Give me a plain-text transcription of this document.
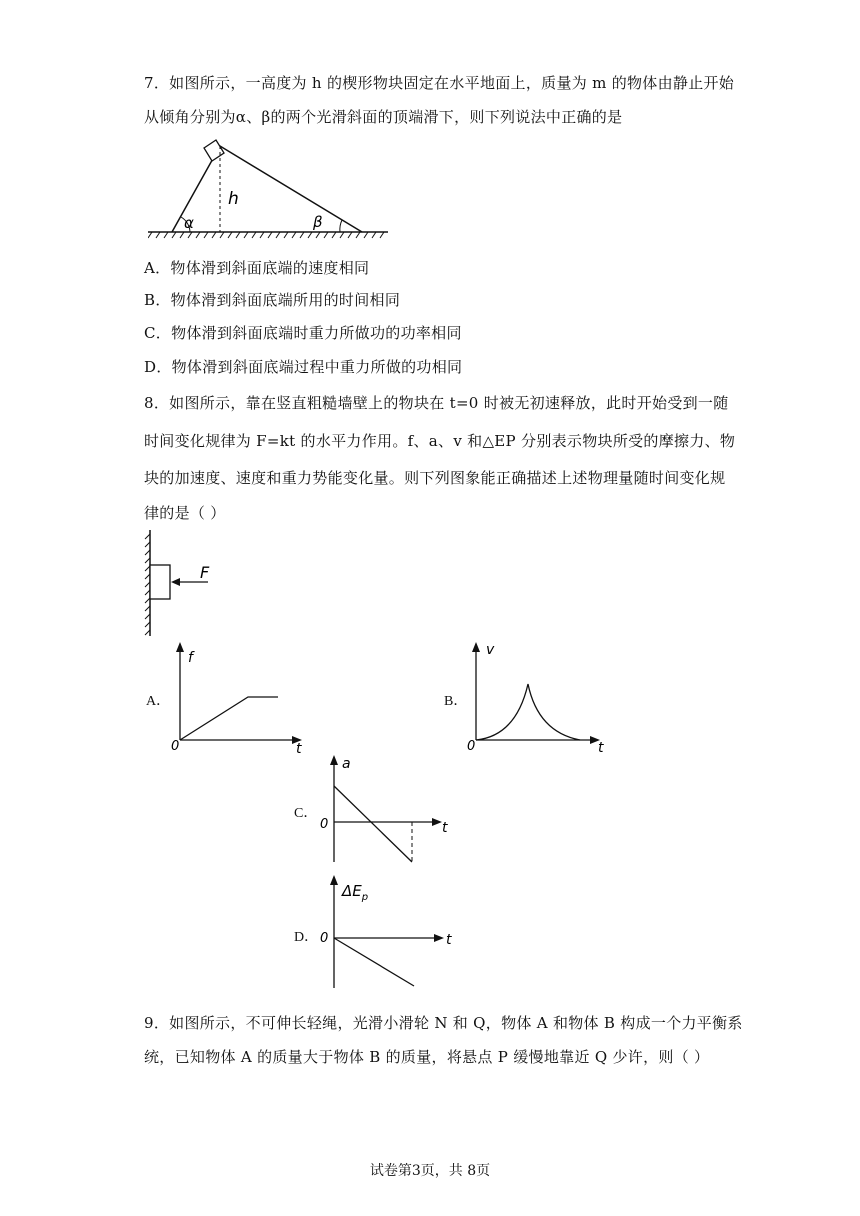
7．如图所示，一高度为 h 的楔形物块固定在水平地面上，质量为 m 的物体由静止开始
从倾角分别为α、β的两个光滑斜面的顶端滑下，则下列说法中正确的是
h
α	β
A．物体滑到斜面底端的速度相同
B．物体滑到斜面底端所用的时间相同
C．物体滑到斜面底端时重力所做功的功率相同
D．物体滑到斜面底端过程中重力所做的功相同
8．如图所示，靠在竖直粗糙墙壁上的物块在 t=0 时被无初速释放，此时开始受到一随
时间变化规律为 F=kt 的水平力作用。f、a、v 和△EP 分别表示物块所受的摩擦力、物
块的加速度、速度和重力势能变化量。则下列图象能正确描述上述物理量随时间变化规
律的是（ ）
F
A．
f
t
0
B．
v
t
0
C．
a
t
0
D．
$\Delta E_p$
t
0
9．如图所示，不可伸长轻绳，光滑小滑轮 N 和 Q，物体 A 和物体 B 构成一个力平衡系
统，已知物体 A 的质量大于物体 B 的质量，将悬点 P 缓慢地靠近 Q 少许，则（ ）
试卷第3页，共 8页
